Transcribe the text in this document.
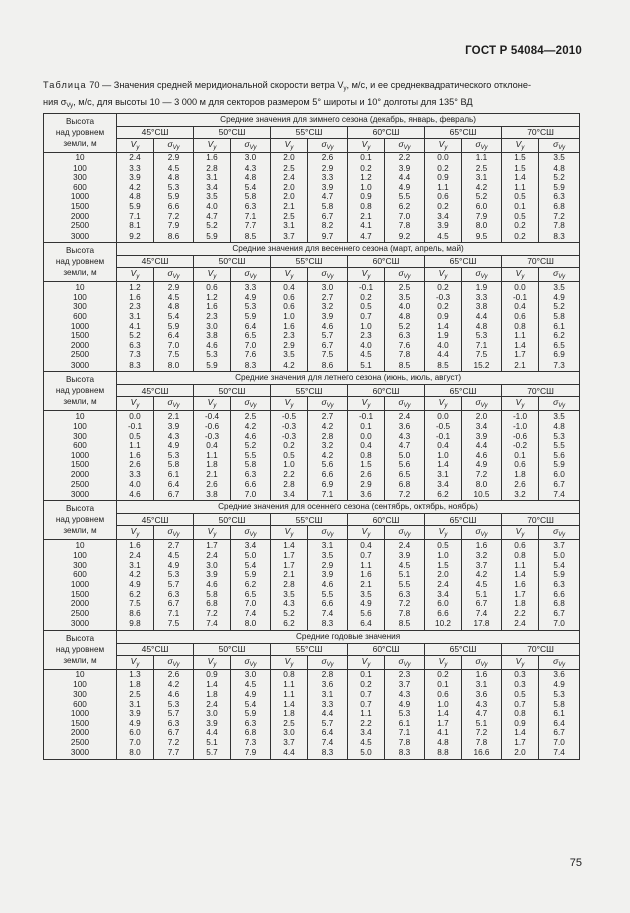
ГОСТ Р 54084—2010
Таблица 70 — Значения средней меридиональной скорости ветра $V_y$, м/с, и ее среднеквадратического отклоне-
ния $\sigma_{Vy}$, м/с, для высоты 10 — 3 000 м для секторов размером 5° широты и 10° долготы для 135° ВД
Высота
над уровнем
земли, м	Средние значения для зимнего сезона (декабрь, январь, февраль)											
	45°СШ		50°СШ		55°СШ		60°СШ		65°СШ		70°СШ	
	$V_y$	$\sigma_{Vy}$	$V_y$	$\sigma_{Vy}$	$V_y$	$\sigma_{Vy}$	$V_y$	$\sigma_{Vy}$	$V_y$	$\sigma_{Vy}$	$V_y$	$\sigma_{Vy}$
10	2.4	2.9	1.6	3.0	2.0	2.6	0.1	2.2	0.0	1.1	1.5	3.5
100	3.3	4.5	2.8	4.3	2.5	2.9	0.2	3.9	0.2	2.5	1.5	4.8
300	3.9	4.8	3.1	4.8	2.4	3.3	1.2	4.4	0.9	3.1	1.4	5.2
600	4.2	5.3	3.4	5.4	2.0	3.9	1.0	4.9	1.1	4.2	1.1	5.9
1000	4.8	5.9	3.5	5.8	2.0	4.7	0.9	5.5	0.6	5.2	0.5	6.3
1500	5.9	6.6	4.0	6.3	2.1	5.8	0.8	6.2	0.2	6.0	0.1	6.8
2000	7.1	7.2	4.7	7.1	2.5	6.7	2.1	7.0	3.4	7.9	0.5	7.2
2500	8.1	7.9	5.2	7.7	3.1	8.2	4.1	7.8	3.9	8.0	0.2	7.8
3000	9.2	8.6	5.9	8.5	3.7	9.7	4.7	9.2	4.5	9.5	0.2	8.3

Высота
над уровнем
земли, м	Средние значения для весеннего сезона (март, апрель, май)											
	45°СШ		50°СШ		55°СШ		60°СШ		65°СШ		70°СШ	
	$V_y$	$\sigma_{Vy}$	$V_y$	$\sigma_{Vy}$	$V_y$	$\sigma_{Vy}$	$V_y$	$\sigma_{Vy}$	$V_y$	$\sigma_{Vy}$	$V_y$	$\sigma_{Vy}$
10	1.2	2.9	0.6	3.3	0.4	3.0	-0.1	2.5	0.2	1.9	0.0	3.5
100	1.6	4.5	1.2	4.9	0.6	2.7	0.2	3.5	-0.3	3.3	-0.1	4.9
300	2.3	4.8	1.6	5.3	0.6	3.2	0.5	4.0	0.2	3.8	0.4	5.2
600	3.1	5.4	2.3	5.9	1.0	3.9	0.7	4.8	0.9	4.4	0.6	5.8
1000	4.1	5.9	3.0	6.4	1.6	4.6	1.0	5.2	1.4	4.8	0.8	6.1
1500	5.2	6.4	3.8	6.5	2.3	5.7	2.3	6.3	1.9	5.3	1.1	6.2
2000	6.3	7.0	4.6	7.0	2.9	6.7	4.0	7.6	4.0	7.1	1.4	6.5
2500	7.3	7.5	5.3	7.6	3.5	7.5	4.5	7.8	4.4	7.5	1.7	6.9
3000	8.3	8.0	5.9	8.3	4.2	8.6	5.1	8.5	8.5	15.2	2.1	7.3

Высота
над уровнем
земли, м	Средние значения для летнего сезона (июнь, июль, август)											
	45°СШ		50°СШ		55°СШ		60°СШ		65°СШ		70°СШ	
	$V_y$	$\sigma_{Vy}$	$V_y$	$\sigma_{Vy}$	$V_y$	$\sigma_{Vy}$	$V_y$	$\sigma_{Vy}$	$V_y$	$\sigma_{Vy}$	$V_y$	$\sigma_{Vy}$
10	0.0	2.1	-0.4	2.5	-0.5	2.7	-0.1	2.4	0.0	2.0	-1.0	3.5
100	-0.1	3.9	-0.6	4.2	-0.3	4.2	0.1	3.6	-0.5	3.4	-1.0	4.8
300	0.5	4.3	-0.3	4.6	-0.3	2.8	0.0	4.3	-0.1	3.9	-0.6	5.3
600	1.1	4.9	0.4	5.2	0.2	3.2	0.4	4.7	0.4	4.4	-0.2	5.5
1000	1.6	5.3	1.1	5.5	0.5	4.2	0.8	5.0	1.0	4.6	0.1	5.6
1500	2.6	5.8	1.8	5.8	1.0	5.6	1.5	5.6	1.4	4.9	0.6	5.9
2000	3.3	6.1	2.1	6.3	2.2	6.6	2.6	6.5	3.1	7.2	1.8	6.0
2500	4.0	6.4	2.6	6.6	2.8	6.9	2.9	6.8	3.4	8.0	2.6	6.7
3000	4.6	6.7	3.8	7.0	3.4	7.1	3.6	7.2	6.2	10.5	3.2	7.4

Высота
над уровнем
земли, м	Средние значения для осеннего сезона (сентябрь, октябрь, ноябрь)											
	45°СШ		50°СШ		55°СШ		60°СШ		65°СШ		70°СШ	
	$V_y$	$\sigma_{Vy}$	$V_y$	$\sigma_{Vy}$	$V_y$	$\sigma_{Vy}$	$V_y$	$\sigma_{Vy}$	$V_y$	$\sigma_{Vy}$	$V_y$	$\sigma_{Vy}$
10	1.6	2.7	1.7	3.4	1.4	3.1	0.4	2.4	0.5	1.6	0.6	3.7
100	2.4	4.5	2.4	5.0	1.7	3.5	0.7	3.9	1.0	3.2	0.8	5.0
300	3.1	4.9	3.0	5.4	1.7	2.9	1.1	4.5	1.5	3.7	1.1	5.4
600	4.2	5.3	3.9	5.9	2.1	3.9	1.6	5.1	2.0	4.2	1.4	5.9
1000	4.9	5.7	4.6	6.2	2.8	4.6	2.1	5.5	2.4	4.5	1.6	6.3
1500	6.2	6.3	5.8	6.5	3.5	5.5	3.5	6.3	3.4	5.1	1.7	6.6
2000	7.5	6.7	6.8	7.0	4.3	6.6	4.9	7.2	6.0	6.7	1.8	6.8
2500	8.6	7.1	7.2	7.4	5.2	7.4	5.6	7.8	6.6	7.4	2.2	6.7
3000	9.8	7.5	7.4	8.0	6.2	8.3	6.4	8.5	10.2	17.8	2.4	7.0

Высота
над уровнем
земли, м	Средние годовые значения											
	45°СШ		50°СШ		55°СШ		60°СШ		65°СШ		70°СШ	
	$V_y$	$\sigma_{Vy}$	$V_y$	$\sigma_{Vy}$	$V_y$	$\sigma_{Vy}$	$V_y$	$\sigma_{Vy}$	$V_y$	$\sigma_{Vy}$	$V_y$	$\sigma_{Vy}$
10	1.3	2.6	0.9	3.0	0.8	2.8	0.1	2.3	0.2	1.6	0.3	3.6
100	1.8	4.2	1.4	4.5	1.1	3.6	0.2	3.7	0.1	3.1	0.3	4.9
300	2.5	4.6	1.8	4.9	1.1	3.1	0.7	4.3	0.6	3.6	0.5	5.3
600	3.1	5.3	2.4	5.4	1.4	3.3	0.7	4.9	1.0	4.3	0.7	5.8
1000	3.9	5.7	3.0	5.9	1.8	4.4	1.1	5.3	1.4	4.7	0.8	6.1
1500	4.9	6.3	3.9	6.3	2.5	5.7	2.2	6.1	1.7	5.1	0.9	6.4
2000	6.0	6.7	4.4	6.8	3.0	6.4	3.4	7.1	4.1	7.2	1.4	6.7
2500	7.0	7.2	5.1	7.3	3.7	7.4	4.5	7.8	4.8	7.8	1.7	7.0
3000	8.0	7.7	5.7	7.9	4.4	8.3	5.0	8.3	8.8	16.6	2.0	7.4
75
